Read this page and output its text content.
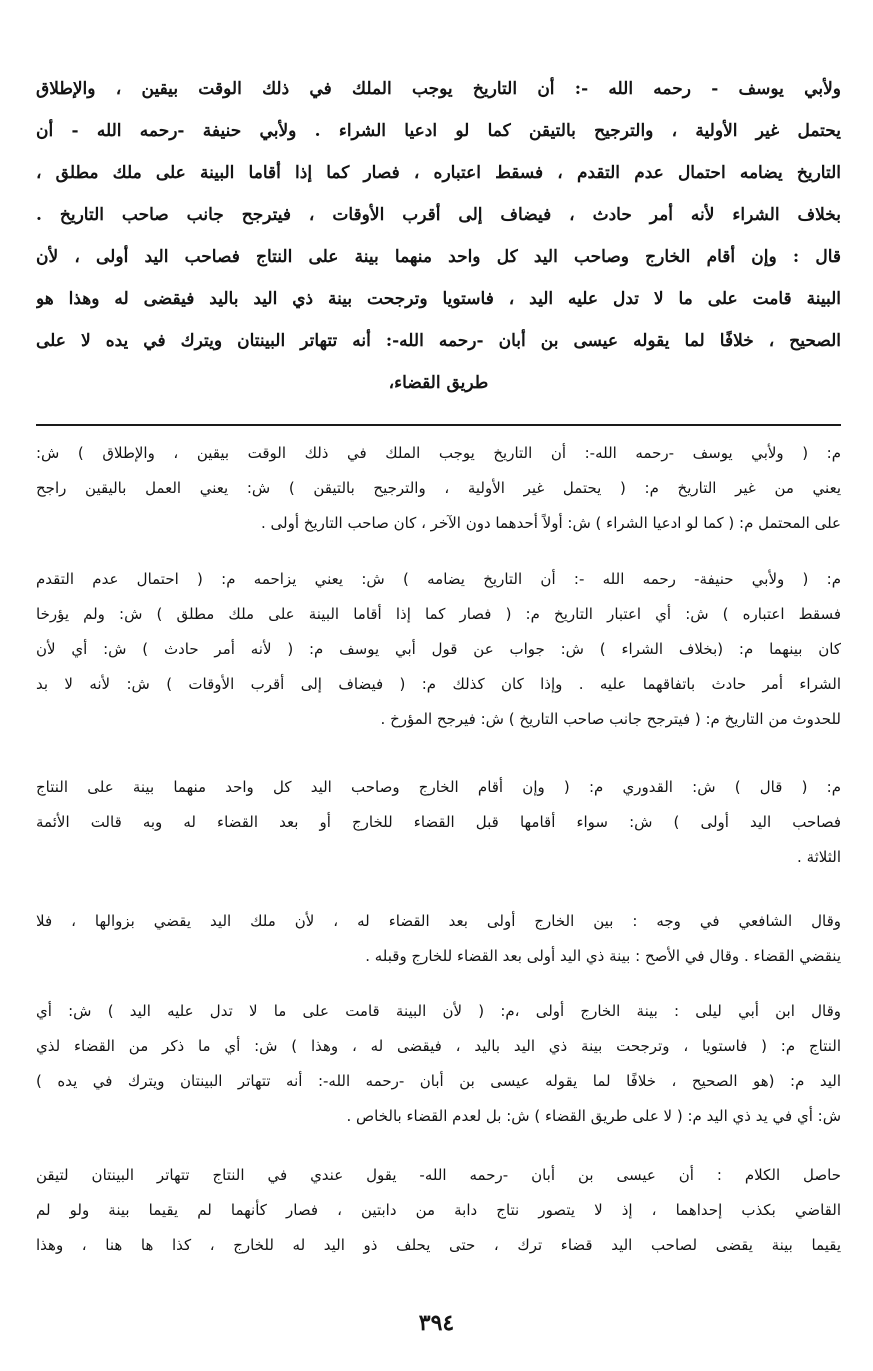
ولأبي يوسف - رحمه الله -: أن التاريخ يوجب الملك في ذلك الوقت بيقين ، والإطلاق
يحتمل غير الأولية ، والترجيح بالتيقن كما لو ادعيا الشراء . ولأبي حنيفة -رحمه الله - أن
التاريخ يضامه احتمال عدم التقدم ، فسقط اعتباره ، فصار كما إذا أقاما البينة على ملك مطلق ،
بخلاف الشراء لأنه أمر حادث ، فيضاف إلى أقرب الأوقات ، فيترجح جانب صاحب التاريخ .
قال : وإن أقام الخارج وصاحب اليد كل واحد منهما بينة على النتاج فصاحب اليد أولى ، لأن
البينة قامت على ما لا تدل عليه اليد ، فاستويا وترجحت بينة ذي اليد باليد فيقضى له وهذا هو
الصحيح ، خلافًا لما يقوله عيسى بن أبان -رحمه الله-: أنه تتهاتر البينتان ويترك في يده لا على
طريق القضاء،
م: ( ولأبي يوسف -رحمه الله-: أن التاريخ يوجب الملك في ذلك الوقت بيقين ، والإطلاق ) ش:
يعني من غير التاريخ م: ( يحتمل غير الأولية ، والترجيح بالتيقن ) ش: يعني العمل باليقين راجح
على المحتمل م: ( كما لو ادعيا الشراء ) ش: أولاً أحدهما دون الآخر ، كان صاحب التاريخ أولى .
م: ( ولأبي حنيفة- رحمه الله -: أن التاريخ يضامه ) ش: يعني يزاحمه م: ( احتمال عدم التقدم
فسقط اعتباره ) ش: أي اعتبار التاريخ م: ( فصار كما إذا أقاما البينة على ملك مطلق ) ش: ولم يؤرخا
كان بينهما م: (بخلاف الشراء ) ش: جواب عن قول أبي يوسف م: ( لأنه أمر حادث ) ش: أي لأن
الشراء أمر حادث باتفاقهما عليه . وإذا كان كذلك م: ( فيضاف إلى أقرب الأوقات ) ش: لأنه لا بد
للحدوث من التاريخ م: ( فيترجح جانب صاحب التاريخ ) ش: فيرجح المؤرخ .
م: ( قال ) ش: القدوري م: ( وإن أقام الخارج وصاحب اليد كل واحد منهما بينة على النتاج
فصاحب اليد أولى ) ش: سواء أقامها قبل القضاء للخارج أو بعد القضاء له وبه قالت الأئمة
الثلاثة .
وقال الشافعي في وجه : بين الخارج أولى بعد القضاء له ، لأن ملك اليد يقضي بزوالها ، فلا
ينقضي القضاء . وقال في الأصح : بينة ذي اليد أولى بعد القضاء للخارج وقبله .
وقال ابن أبي ليلى : بينة الخارج أولى ،م: ( لأن البينة قامت على ما لا تدل عليه اليد ) ش: أي
النتاج م: ( فاستويا ، وترجحت بينة ذي اليد باليد ، فيقضى له ، وهذا ) ش: أي ما ذكر من القضاء لذي
اليد م: (هو الصحيح ، خلافًا لما يقوله عيسى بن أبان -رحمه الله-: أنه تتهاتر البينتان ويترك في يده )
ش: أي في يد ذي اليد م: ( لا على طريق القضاء ) ش: بل لعدم القضاء بالخاص .
حاصل الكلام : أن عيسى بن أبان -رحمه الله- يقول عندي في النتاج تتهاتر البينتان لتيقن
القاضي بكذب إحداهما ، إذ لا يتصور نتاج دابة من دابتين ، فصار كأنهما لم يقيما بينة ولو لم
يقيما بينة يقضى لصاحب اليد قضاء ترك ، حتى يحلف ذو اليد له للخارج ، كذا ها هنا ، وهذا
٣٩٤
